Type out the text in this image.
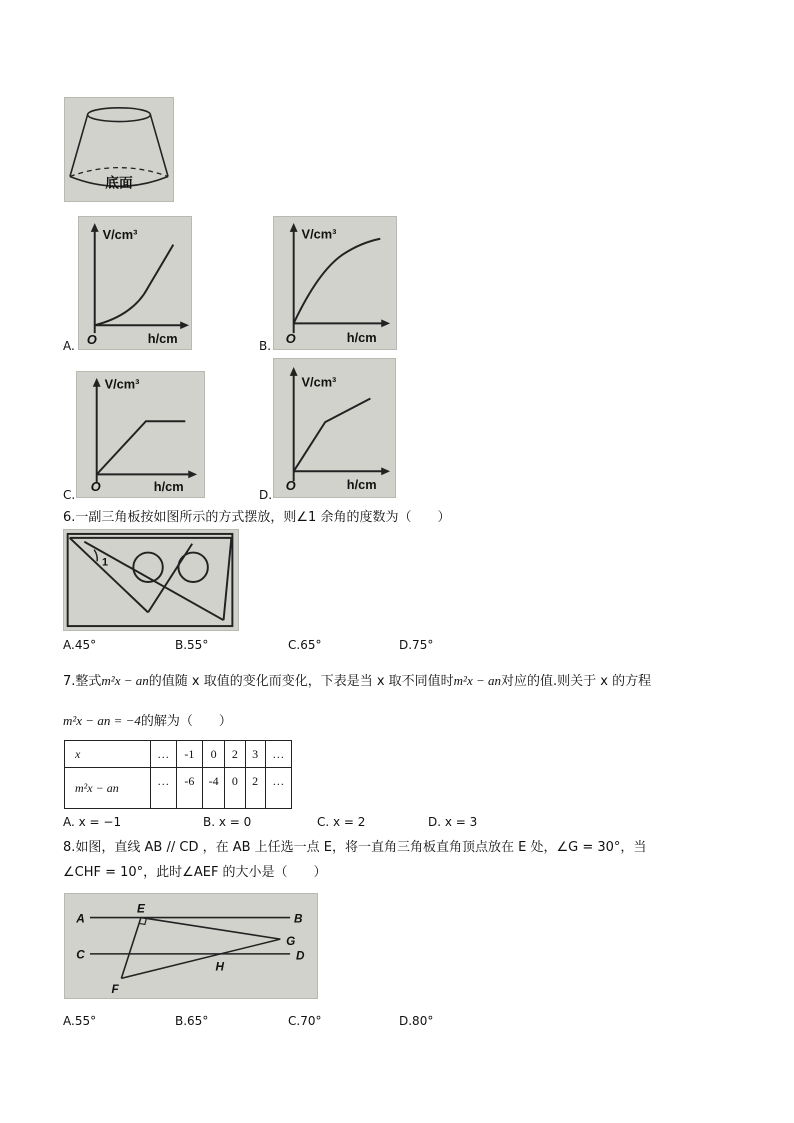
底面
A.
V/cm³
O	h/cm
B.
V/cm³
O	h/cm
C.
V/cm³
O	h/cm
D.
V/cm³
O	h/cm
6.一副三角板按如图所示的方式摆放，则∠1 余角的度数为（　　）
1
A.45°	B.55°	C.65°	D.75°
7.整式m²x − an的值随 x 取值的变化而变化，下表是当 x 取不同值时m²x − an对应的值.则关于 x 的方程
m²x − an = −4的解为（　　）
x	…	-1	0	2	3	…
m²x − an	…	-6	-4	0	2	…
A. x = −1	B. x = 0	C. x = 2	D. x = 3
8.如图，直线 AB // CD ，在 AB 上任选一点 E，将一直角三角板直角顶点放在 E 处，∠G = 30°，当
∠CHF = 10°，此时∠AEF 的大小是（　　）
A	B
C	D
E
F
G
H
A.55°	B.65°	C.70°	D.80°
